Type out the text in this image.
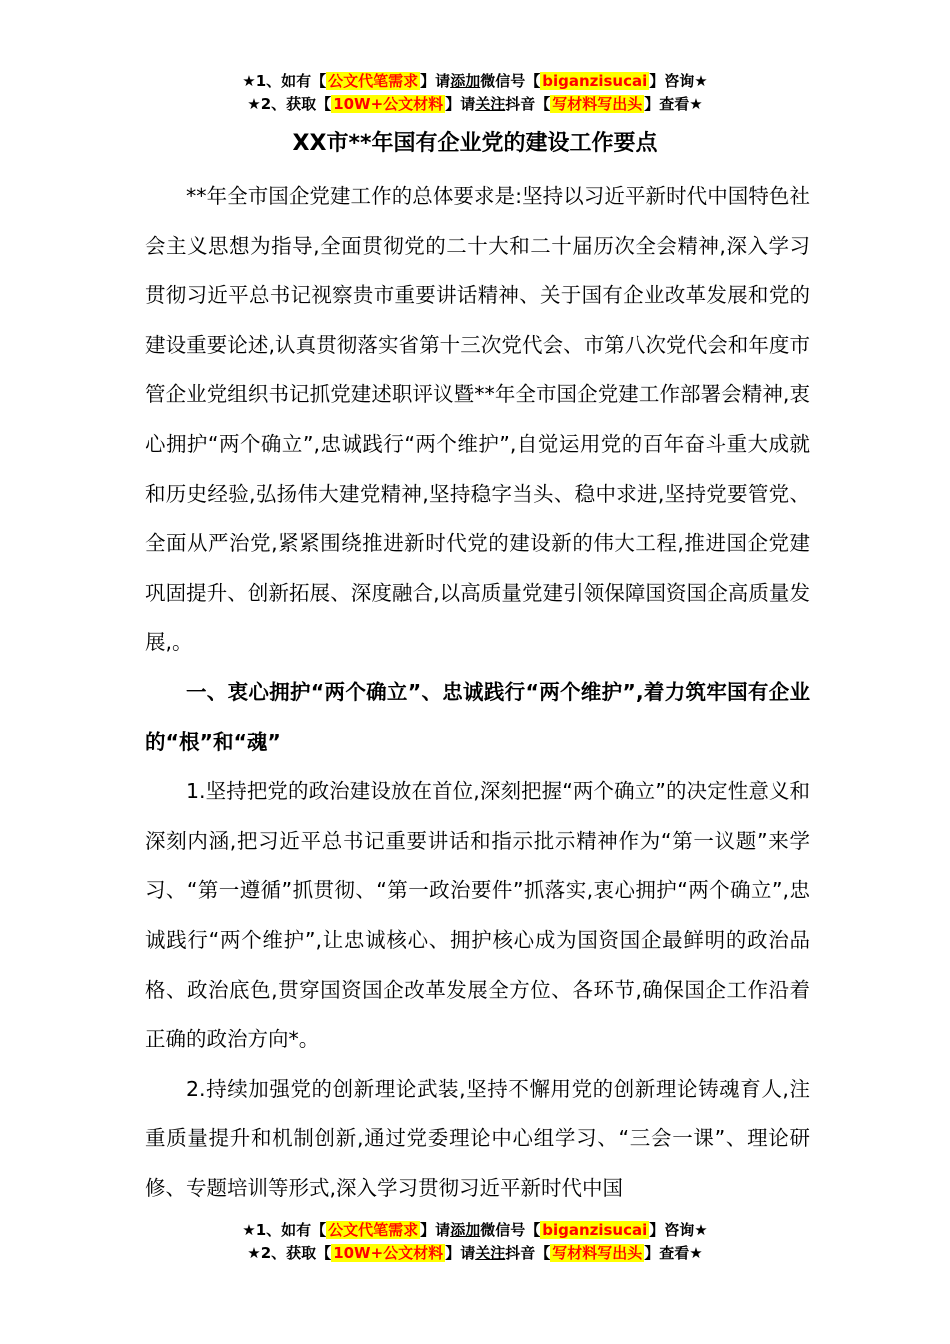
★1、如有【 公文代笔需求 】请添加微信号【 biganzisucai 】咨询★
★2、获取【 10W+公文材料 】请关注抖音【 写材料写出头 】查看★
XX市**年国有企业党的建设工作要点

**年全市国企党建工作的总体要求是:坚持以习近平新时代中国特色社会主义思想为指导,全面贯彻党的二十大和二十届历次全会精神,深入学习贯彻习近平总书记视察贵市重要讲话精神、关于国有企业改革发展和党的建设重要论述,认真贯彻落实省第十三次党代会、市第八次党代会和年度市管企业党组织书记抓党建述职评议暨**年全市国企党建工作部署会精神,衷心拥护“两个确立”,忠诚践行“两个维护”,自觉运用党的百年奋斗重大成就和历史经验,弘扬伟大建党精神,坚持稳字当头、稳中求进,坚持党要管党、全面从严治党,紧紧围绕推进新时代党的建设新的伟大工程,推进国企党建巩固提升、创新拓展、深度融合,以高质量党建引领保障国资国企高质量发展,。

一、衷心拥护“两个确立”、忠诚践行“两个维护”,着力筑牢国有企业的“根”和“魂”

1.坚持把党的政治建设放在首位,深刻把握“两个确立”的决定性意义和深刻内涵,把习近平总书记重要讲话和指示批示精神作为“第一议题”来学习、“第一遵循”抓贯彻、“第一政治要件”抓落实,衷心拥护“两个确立”,忠诚践行“两个维护”,让忠诚核心、拥护核心成为国资国企最鲜明的政治品格、政治底色,贯穿国资国企改革发展全方位、各环节,确保国企工作沿着正确的政治方向*。

2.持续加强党的创新理论武装,坚持不懈用党的创新理论铸魂育人,注重质量提升和机制创新,通过党委理论中心组学习、“三会一课”、理论研修、专题培训等形式,深入学习贯彻习近平新时代中国

★1、如有【 公文代笔需求 】请添加微信号【 biganzisucai 】咨询★
★2、获取【 10W+公文材料 】请关注抖音【 写材料写出头 】查看★
